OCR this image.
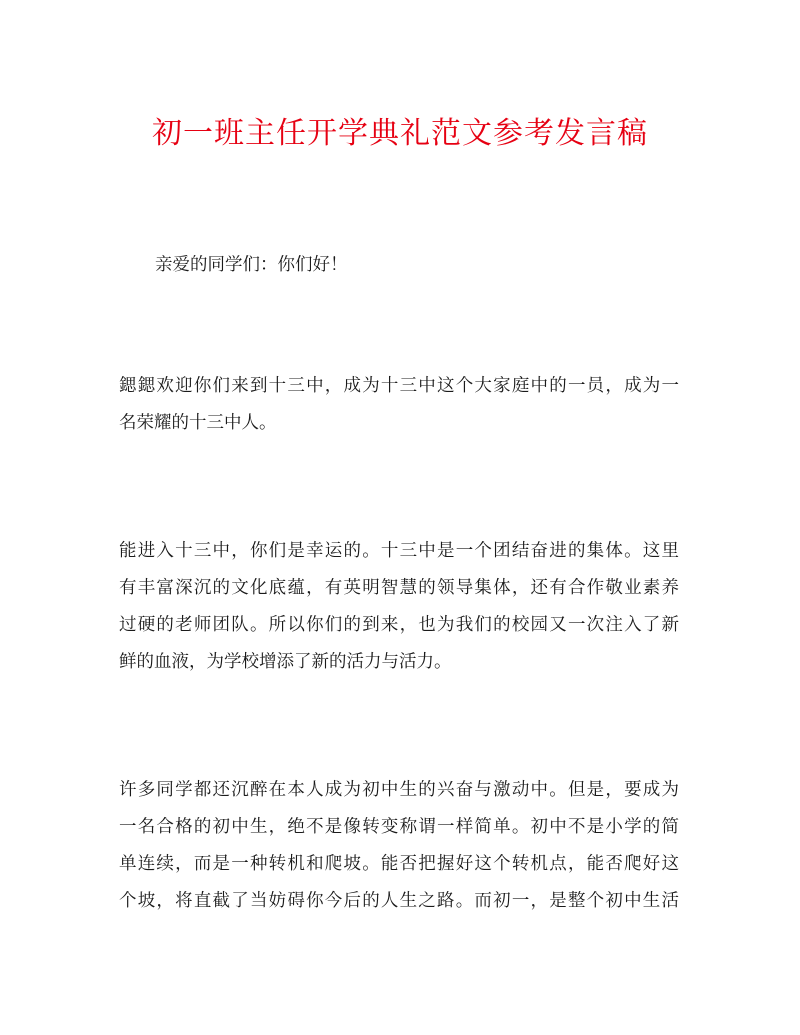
初一班主任开学典礼范文参考发言稿
亲爱的同学们：你们好！
鍶鍶欢迎你们来到十三中，成为十三中这个大家庭中的一员，成为一
名荣耀的十三中人。
能进入十三中，你们是幸运的。十三中是一个团结奋进的集体。这里
有丰富深沉的文化底蕴，有英明智慧的领导集体，还有合作敬业素养
过硬的老师团队。所以你们的到来，也为我们的校园又一次注入了新
鲜的血液，为学校增添了新的活力与活力。
许多同学都还沉醉在本人成为初中生的兴奋与激动中。但是，要成为
一名合格的初中生，绝不是像转变称谓一样简单。初中不是小学的简
单连续，而是一种转机和爬坡。能否把握好这个转机点，能否爬好这
个坡，将直截了当妨碍你今后的人生之路。而初一，是整个初中生活
